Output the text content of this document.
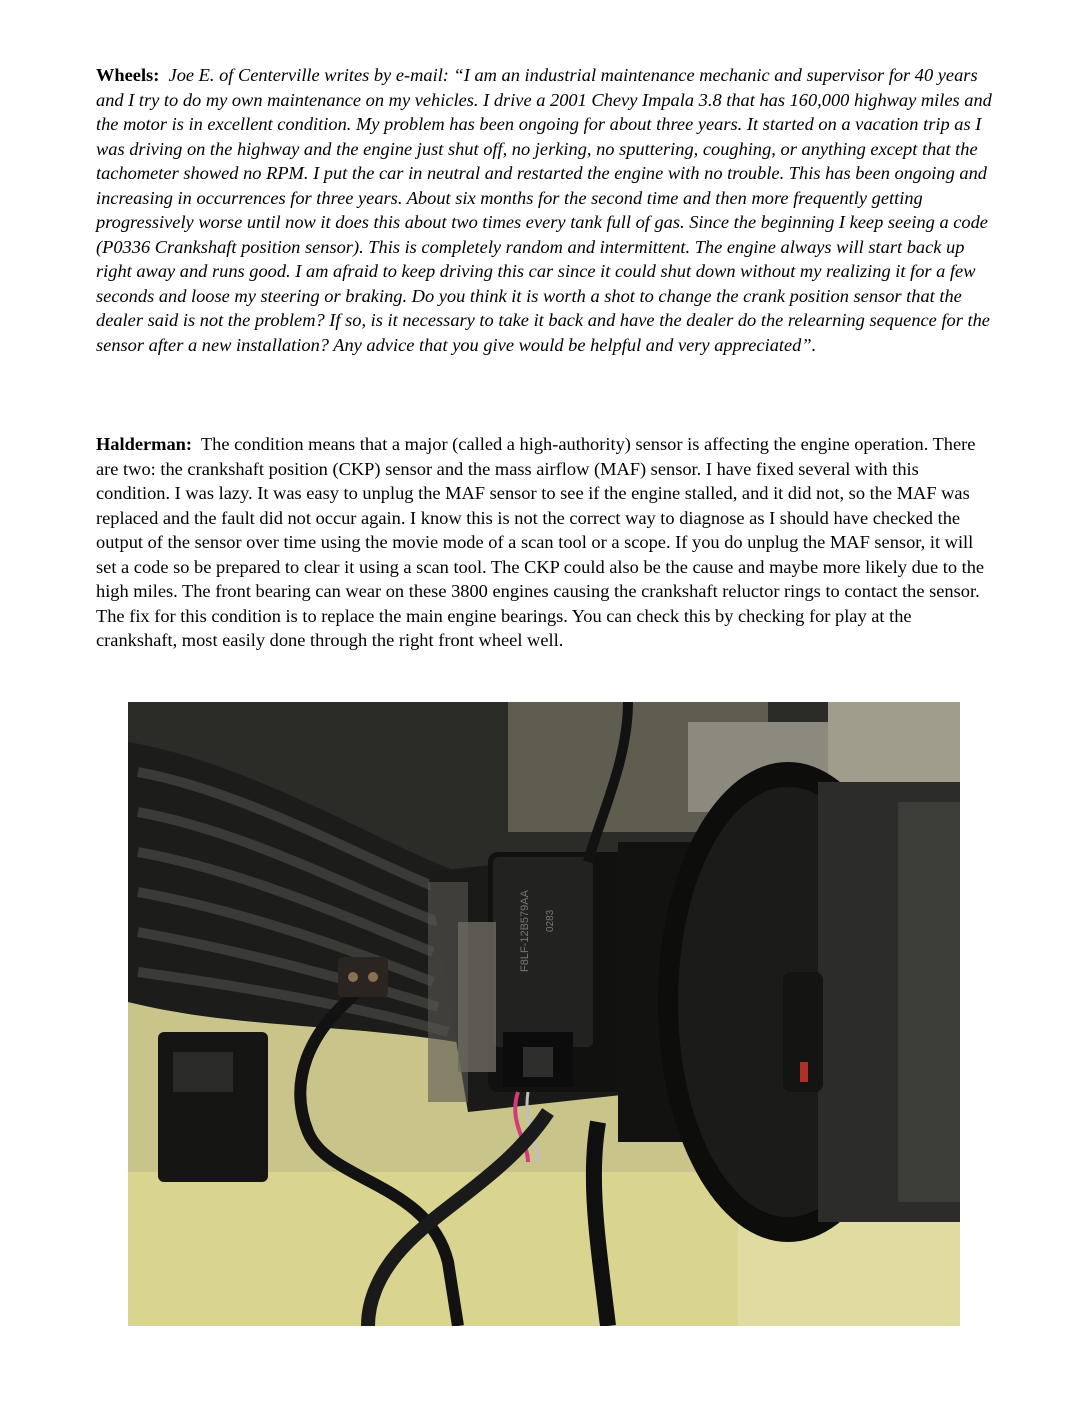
Wheels: Joe E. of Centerville writes by e-mail: “I am an industrial maintenance mechanic and supervisor for 40 years and I try to do my own maintenance on my vehicles. I drive a 2001 Chevy Impala 3.8 that has 160,000 highway miles and the motor is in excellent condition. My problem has been ongoing for about three years. It started on a vacation trip as I was driving on the highway and the engine just shut off, no jerking, no sputtering, coughing, or anything except that the tachometer showed no RPM. I put the car in neutral and restarted the engine with no trouble. This has been ongoing and increasing in occurrences for three years. About six months for the second time and then more frequently getting progressively worse until now it does this about two times every tank full of gas. Since the beginning I keep seeing a code (P0336 Crankshaft position sensor). This is completely random and intermittent. The engine always will start back up right away and runs good. I am afraid to keep driving this car since it could shut down without my realizing it for a few seconds and loose my steering or braking. Do you think it is worth a shot to change the crank position sensor that the dealer said is not the problem? If so, is it necessary to take it back and have the dealer do the relearning sequence for the sensor after a new installation? Any advice that you give would be helpful and very appreciated”.

Halderman: The condition means that a major (called a high-authority) sensor is affecting the engine operation. There are two: the crankshaft position (CKP) sensor and the mass airflow (MAF) sensor. I have fixed several with this condition. I was lazy. It was easy to unplug the MAF sensor to see if the engine stalled, and it did not, so the MAF was replaced and the fault did not occur again. I know this is not the correct way to diagnose as I should have checked the output of the sensor over time using the movie mode of a scan tool or a scope. If you do unplug the MAF sensor, it will set a code so be prepared to clear it using a scan tool. The CKP could also be the cause and maybe more likely due to the high miles. The front bearing can wear on these 3800 engines causing the crankshaft reluctor rings to contact the sensor. The fix for this condition is to replace the main engine bearings. You can check this by checking for play at the crankshaft, most easily done through the right front wheel well.

F8LF-12B579AA 0283
